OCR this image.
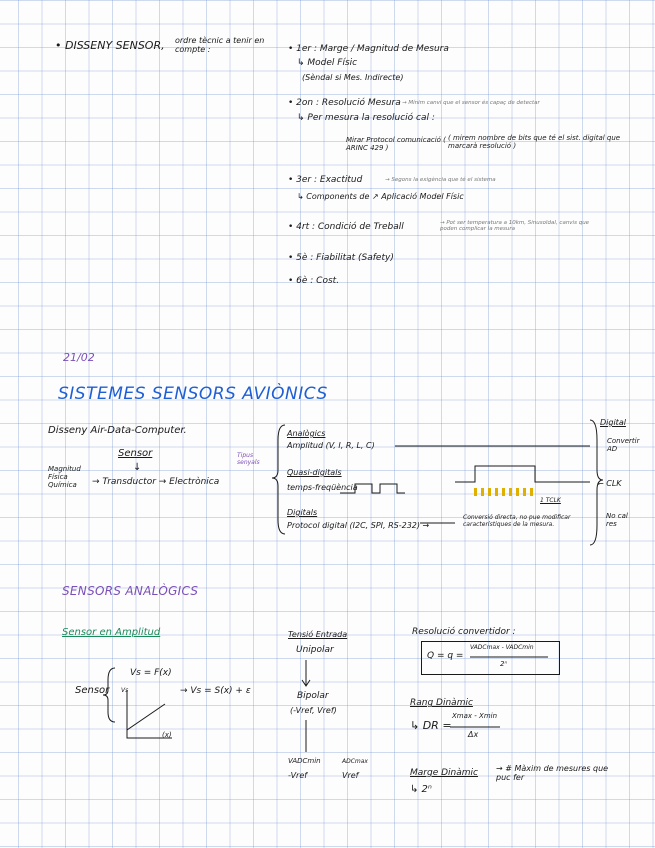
• DISSENY SENSOR, ordre tècnic a tenir en compte :	• 1er : Marge / Magnitud de Mesura
↳ Model Físic
(Sèndal si Mes. Indirecte)
• 2on : Resolució Mesura → Mínim canvi que el sensor és capaç de detectar
↳ Per mesura la resolució cal :
Mirar Protocol comunicació ( ARINC 429 )
( mirem nombre de bits que té el sist. digital que marcarà resolució )
• 3er : Exactitud	→ Segons la exigència que té el sistema
↳ Components de ↗ Aplicació Model Físic
• 4rt : Condició de Treball	→ Pot ser temperatura a 10km, Sinusoïdal, canvis que poden complicar la mesura
• 5è : Fiabilitat (Safety)
• 6è : Cost.
21/02
SISTEMES SENSORS AVIÒNICS
Disseny Air-Data-Computer.
Sensor
↓
Magnitud Física Química	→ Transductor → Electrònica
Tipus senyals
Analògics
Amplitud (V, I, R, L, C)
Quasi-digitals
temps-freqüència
Digitals
Protocol digital (I2C, SPI, RS-232) →
Conversió directa, no pue modificar característiques de la mesura.
Digital
Convertir AD
← CLK
No cal res
1 TCLK
SENSORS ANALÒGICS
Sensor en Amplitud
Sensor
Vs = F(x)
→ Vs = S(x) + ε
Vs
(x)
Tensió Entrada
Unipolar
Bipolar
(-Vref, Vref)
VADCmin	ADCmax
-Vref	Vref
Resolució convertidor :
Q = q =
VADCmax - VADCmin
2ⁿ
Rang Dinàmic
↳ DR =
Xmax - Xmin
Δx
Marge Dinàmic → # Màxim de mesures que puc fer
↳ 2ⁿ
